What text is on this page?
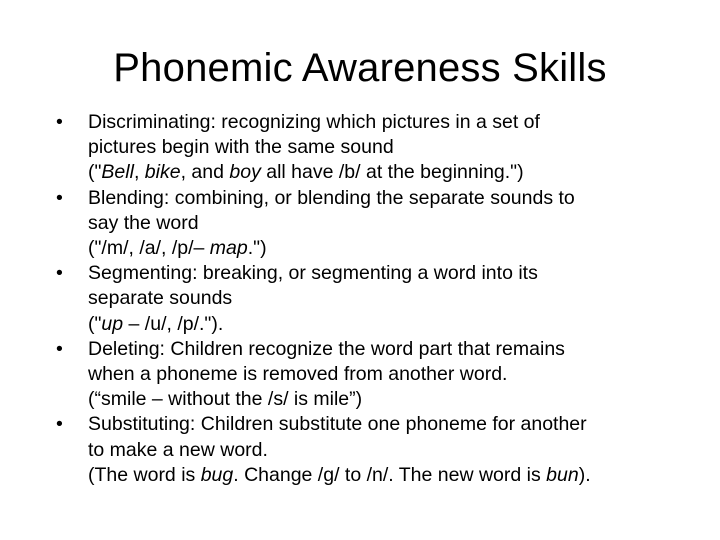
Phonemic Awareness Skills
•	Discriminating: recognizing which pictures in a set of
pictures begin with the same sound
("Bell, bike, and boy all have /b/ at the beginning.")
•	Blending: combining, or blending the separate sounds to
say the word
("/m/, /a/, /p/– map.")
•	Segmenting: breaking, or segmenting a word into its
separate sounds
("up – /u/, /p/.").
•	Deleting: Children recognize the word part that remains
when a phoneme is removed from another word.
(“smile – without the /s/ is mile”)
•	Substituting: Children substitute one phoneme for another
to make a new word.
(The word is bug. Change /g/ to /n/. The new word is bun).
